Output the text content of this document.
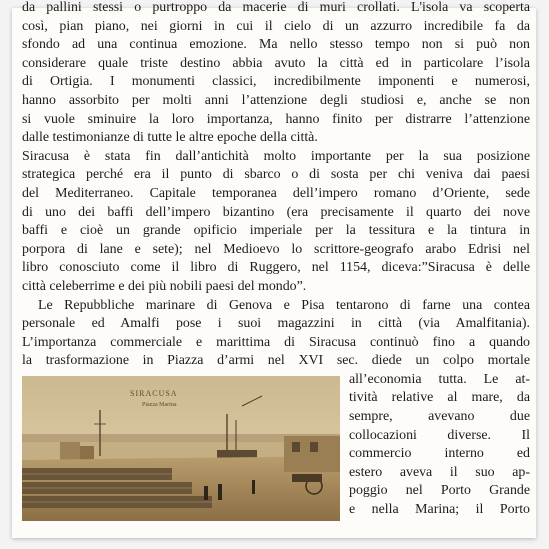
da pallini stessi o purtroppo da macerie di muri crollati. L'isola va scoperta
così, pian piano, nei giorni in cui il cielo di un azzurro incredibile fa da
sfondo ad una continua emozione. Ma nello stesso tempo non si può non
considerare quale triste destino abbia avuto la città ed in particolare l’isola
di Ortigia. I monumenti classici, incredibilmente imponenti e numerosi,
hanno assorbito per molti anni l’attenzione degli studiosi e, anche se non
si vuole sminuire la loro importanza, hanno finito per distrarre l’attenzione
dalle testimonianze di tutte le altre epoche della città.
Siracusa è stata fin dall’antichità molto importante per la sua posizione
strategica perché era il punto di sbarco o di sosta per chi veniva dai paesi
del Mediterraneo. Capitale temporanea dell’impero romano d’Oriente, sede
di uno dei baffi dell’impero bizantino (era precisamente il quarto dei nove
baffi e cioè un grande opificio imperiale per la tessitura e la tintura in
porpora di lane e sete); nel Medioevo lo scrittore-geografo arabo Edrisi nel
libro conosciuto come il libro di Ruggero, nel 1154, diceva:”Siracusa è delle
città celeberrime e dei più nobili paesi del mondo”.
Le Repubbliche marinare di Genova e Pisa tentarono di farne una contea
personale ed Amalfi pose i suoi magazzini in città (via Amalfitania).
L’importanza commerciale e marittima di Siracusa continuò fino a quando
la trasformazione in Piazza d’armi nel XVI sec. diede un colpo mortale
SIRACUSA
Piazza Marina
all’economia tutta. Le at-
tività relative al mare, da
sempre, avevano due
collocazioni diverse. Il
commercio interno ed
estero aveva il suo ap-
poggio nel Porto Grande
e nella Marina; il Porto
